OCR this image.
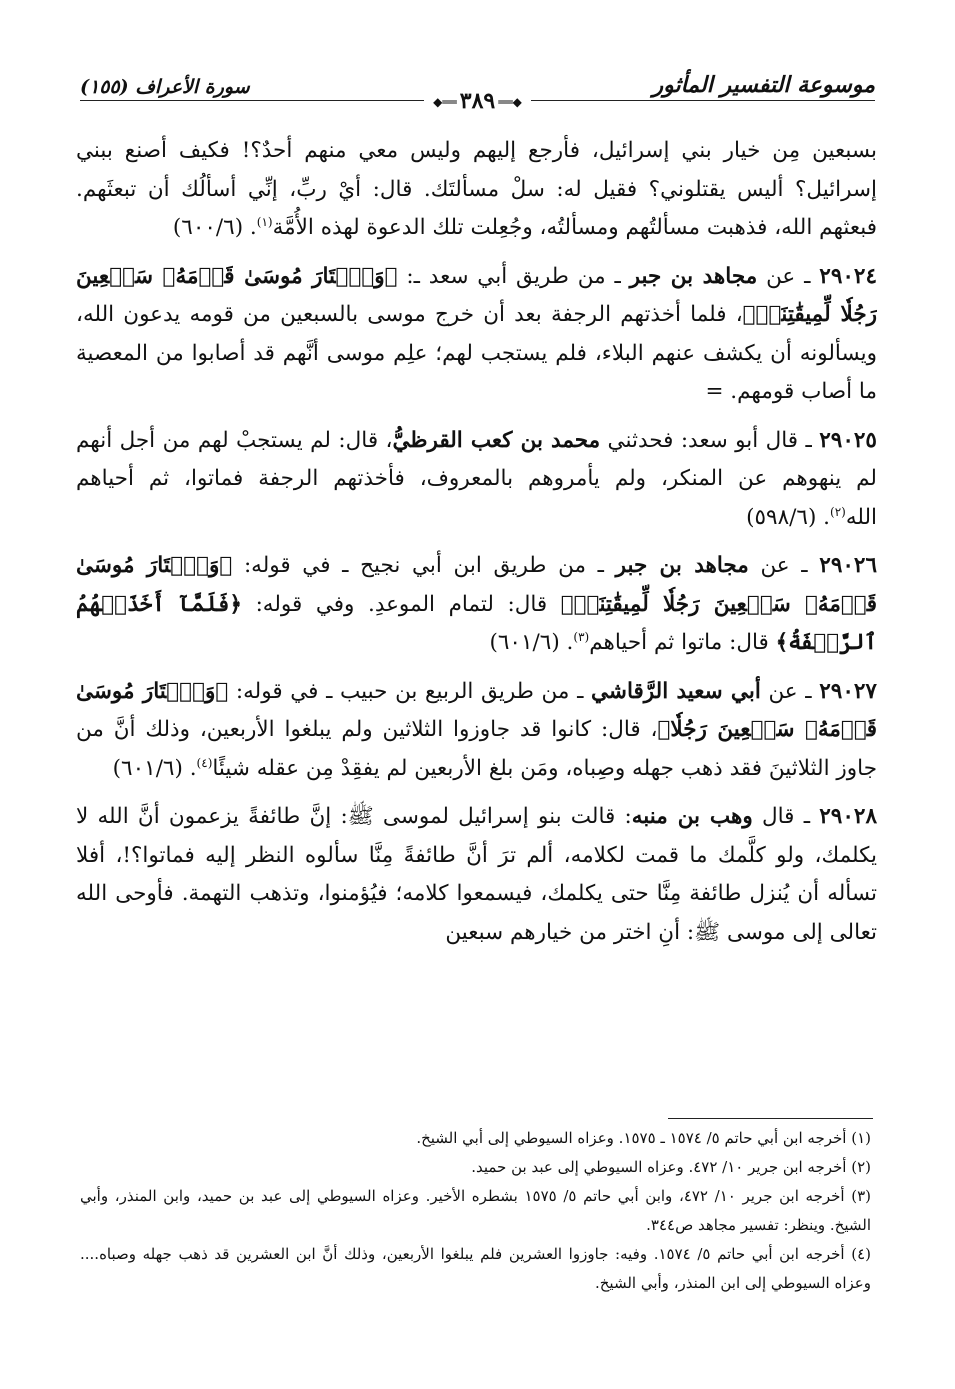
موسوعة التفسير المأثور
سورة الأعراف (١٥٥)
◆══٣٨٩══◆

بسبعين مِن خيار بني إسرائيل، فأرجع إليهم وليس معي منهم أحدٌ؟! فكيف أصنع ببني إسرائيل؟ أليس يقتلوني؟ فقيل له: سلْ مسألتَك. قال: أيْ ربِّ، إنِّي أسألُك أن تبعثَهم. فبعثهم الله، فذهبت مسألتُهم ومسألتُه، وجُعِلت تلك الدعوة لهذه الأُمَّة$^{(١)}$. (٦٠٠/٦)

٢٩٠٢٤ ـ عن مجاهد بن جبر ـ من طريق أبي سعد ـ: ﴿وَٱخۡتَارَ مُوسَىٰ قَوۡمَهُۥ سَبۡعِينَ رَجُلٗا لِّمِيقَٰتِنَاۖ﴾، فلما أخذتهم الرجفة بعد أن خرج موسى بالسبعين من قومه يدعون الله، ويسألونه أن يكشف عنهم البلاء، فلم يستجب لهم؛ علِم موسى أنَّهم قد أصابوا من المعصية ما أصاب قومهم. =

٢٩٠٢٥ ـ قال أبو سعد: فحدثني محمد بن كعب القرظيُّ، قال: لم يستجبْ لهم من أجل أنهم لم ينهوهم عن المنكر، ولم يأمروهم بالمعروف، فأخذتهم الرجفة فماتوا، ثم أحياهم الله$^{(٢)}$. (٥٩٨/٦)

٢٩٠٢٦ ـ عن مجاهد بن جبر ـ من طريق ابن أبي نجيح ـ في قوله: ﴿وَٱخۡتَارَ مُوسَىٰ قَوۡمَهُۥ سَبۡعِينَ رَجُلٗا لِّمِيقَٰتِنَاۖ﴾ قال: لتمام الموعدِ. وفي قوله: ﴿فَلَمَّآ أَخَذَتۡهُمُ ٱلرَّجۡفَةُ﴾ قال: ماتوا ثم أحياهم$^{(٣)}$. (٦٠١/٦)

٢٩٠٢٧ ـ عن أبي سعيد الرَّقاشي ـ من طريق الربيع بن حبيب ـ في قوله: ﴿وَٱخۡتَارَ مُوسَىٰ قَوۡمَهُۥ سَبۡعِينَ رَجُلٗا﴾، قال: كانوا قد جاوزوا الثلاثين ولم يبلغوا الأربعين، وذلك أنَّ من جاوز الثلاثينَ فقد ذهب جهله وصِباه، ومَن بلغ الأربعين لم يفقِدْ مِن عقله شيئًا$^{(٤)}$. (٦٠١/٦)

٢٩٠٢٨ ـ قال وهب بن منبه: قالت بنو إسرائيل لموسى ﷺ: إنَّ طائفةً يزعمون أنَّ الله لا يكلمك، ولو كلَّمك ما قمت لكلامه، ألم ترَ أنَّ طائفةً مِنَّا سألوه النظر إليه فماتوا؟!، أفلا تسأله أن يُنزل طائفة مِنَّا حتى يكلمك، فيسمعوا كلامه؛ فيُؤمنوا، وتذهب التهمة. فأوحى الله تعالى إلى موسى ﷺ: أنِ اختر من خيارهم سبعين

(١) أخرجه ابن أبي حاتم ٥/ ١٥٧٤ ـ ١٥٧٥. وعزاه السيوطي إلى أبي الشيخ.

(٢) أخرجه ابن جرير ١٠/ ٤٧٢. وعزاه السيوطي إلى عبد بن حميد.

(٣) أخرجه ابن جرير ١٠/ ٤٧٢، وابن أبي حاتم ٥/ ١٥٧٥ بشطره الأخير. وعزاه السيوطي إلى عبد بن حميد، وابن المنذر، وأبي الشيخ. وينظر: تفسير مجاهد ص٣٤٤.

(٤) أخرجه ابن أبي حاتم ٥/ ١٥٧٤. وفيه: جاوزوا العشرين فلم يبلغوا الأربعين، وذلك أنَّ ابن العشرين قد ذهب جهله وصباه.... وعزاه السيوطي إلى ابن المنذر، وأبي الشيخ.
